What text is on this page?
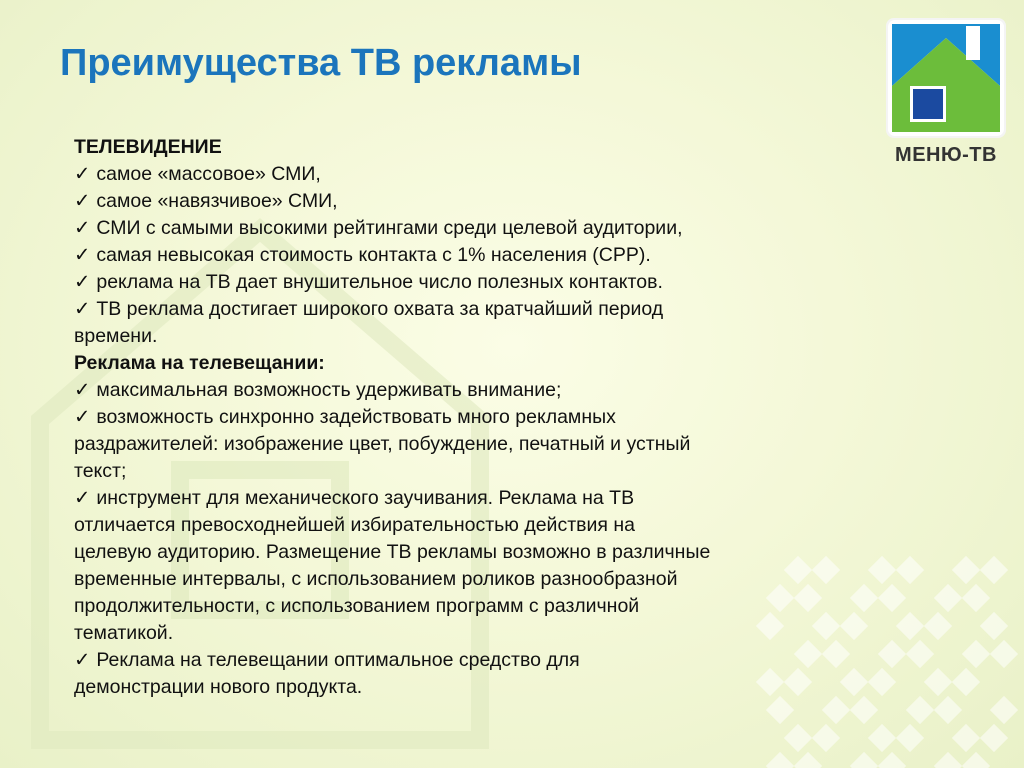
Преимущества ТВ рекламы
МЕНЮ-ТВ
ТЕЛЕВИДЕНИЕ
✓ самое «массовое» СМИ,
✓ самое «навязчивое» СМИ,
✓ СМИ с самыми высокими рейтингами среди целевой аудитории,
✓ самая невысокая стоимость контакта с 1% населения (CPP).
✓ реклама на ТВ дает внушительное число полезных контактов.
✓ ТВ реклама достигает широкого охвата за кратчайший период
времени.
Реклама на телевещании:
✓ максимальная возможность удерживать внимание;
✓ возможность синхронно задействовать много рекламных
раздражителей: изображение цвет, побуждение, печатный и устный
текст;
✓ инструмент для механического заучивания. Реклама на ТВ
отличается превосходнейшей избирательностью действия на
целевую аудиторию. Размещение ТВ рекламы возможно в различные
временные интервалы, с использованием роликов разнообразной
продолжительности, с использованием программ с различной
тематикой.
✓ Реклама на телевещании оптимальное средство для
демонстрации нового продукта.
